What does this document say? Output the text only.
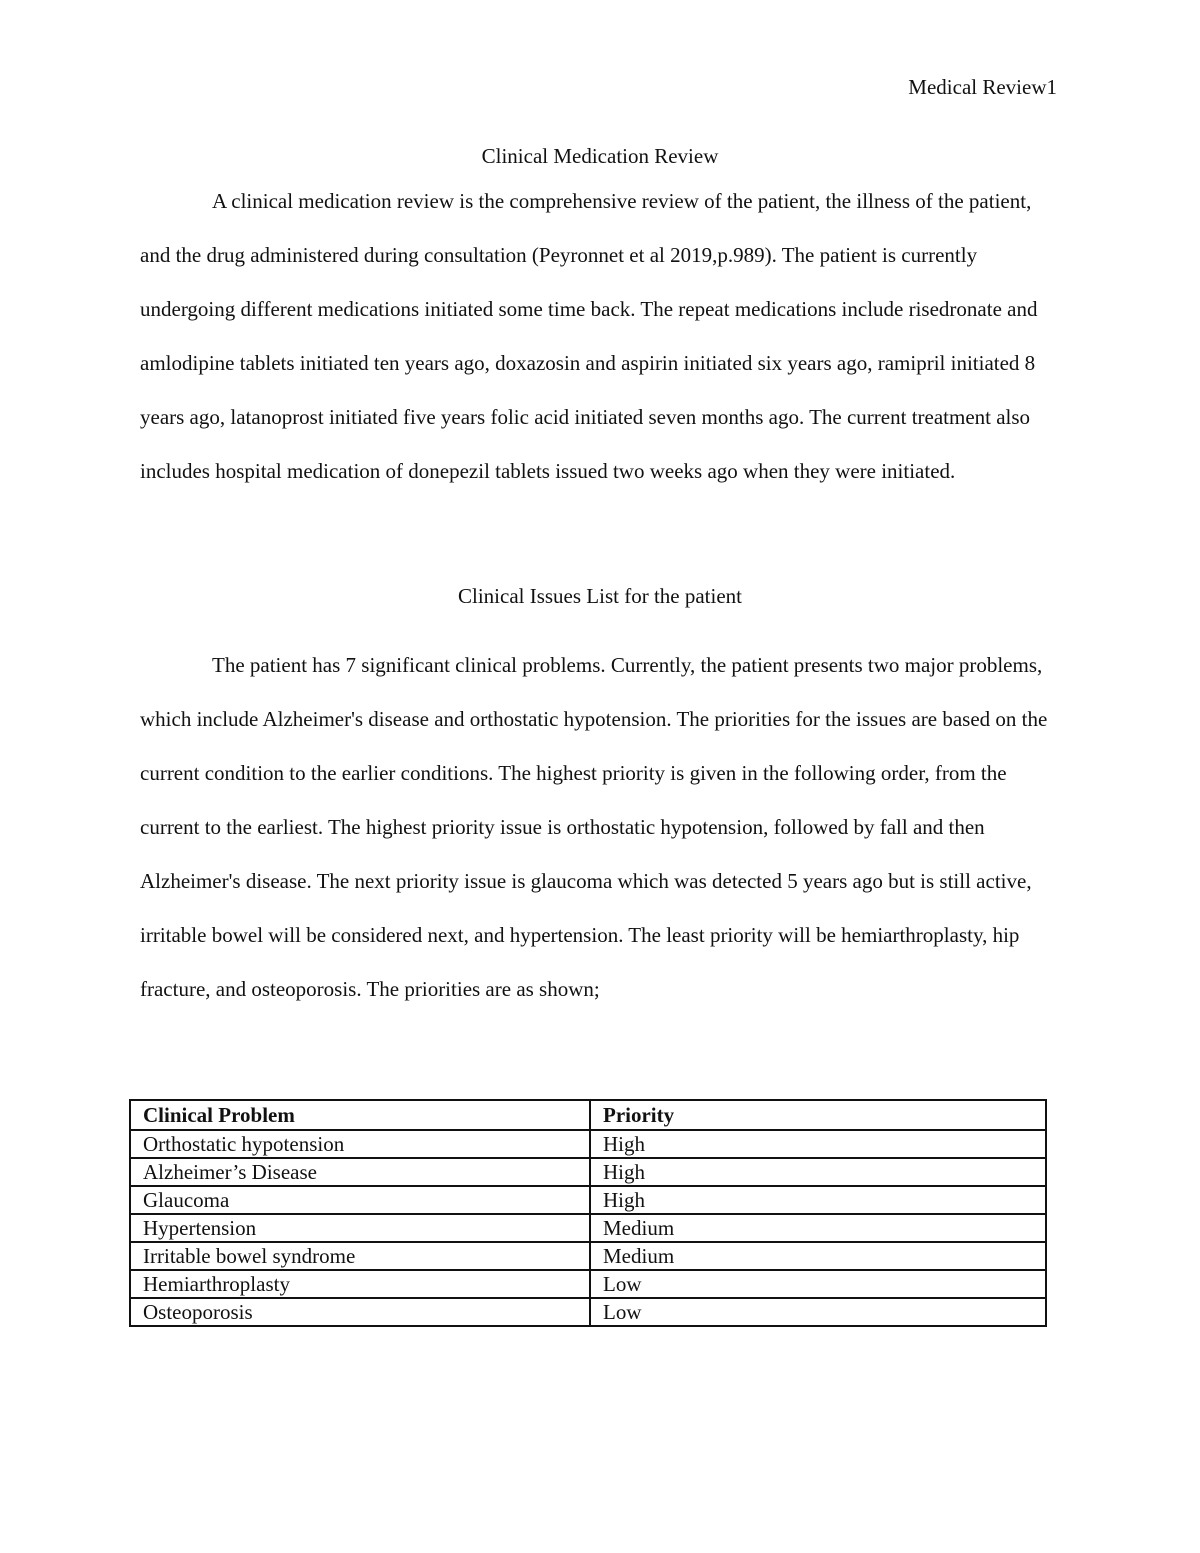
Medical Review1
Clinical Medication Review

A clinical medication review is the comprehensive review of the patient, the illness of the patient, and the drug administered during consultation (Peyronnet et al 2019,p.989). The patient is currently undergoing different medications initiated some time back. The repeat medications include risedronate and amlodipine tablets initiated ten years ago, doxazosin and aspirin initiated six years ago, ramipril initiated 8 years ago, latanoprost initiated five years folic acid initiated seven months ago. The current treatment also includes hospital medication of donepezil tablets issued two weeks ago when they were initiated.

Clinical Issues List for the patient

The patient has 7 significant clinical problems. Currently, the patient presents two major problems, which include Alzheimer's disease and orthostatic hypotension. The priorities for the issues are based on the current condition to the earlier conditions. The highest priority is given in the following order, from the current to the earliest. The highest priority issue is orthostatic hypotension, followed by fall and then Alzheimer's disease. The next priority issue is glaucoma which was detected 5 years ago but is still active, irritable bowel will be considered next, and hypertension. The least priority will be hemiarthroplasty, hip fracture, and osteoporosis. The priorities are as shown;

Clinical Problem	Priority
Orthostatic hypotension	High
Alzheimer’s Disease	High
Glaucoma	High
Hypertension	Medium
Irritable bowel syndrome	Medium
Hemiarthroplasty	Low
Osteoporosis	Low
